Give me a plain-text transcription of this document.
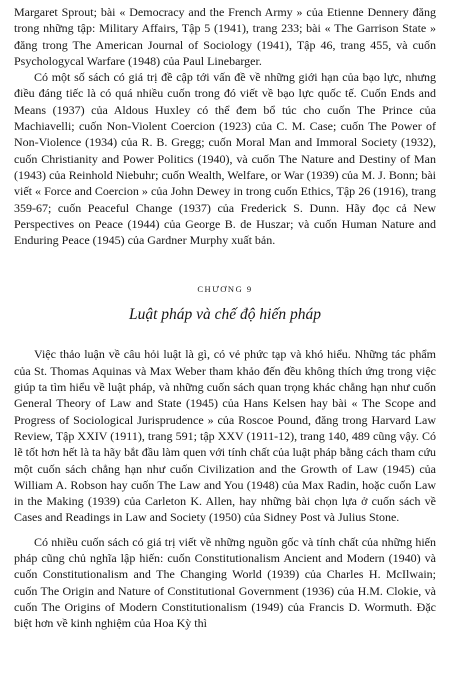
Margaret Sprout; bài « Democracy and the French Army » của Etienne Dennery đăng trong những tập: Military Affairs, Tập 5 (1941), trang 233; bài « The Garrison State » đăng trong The American Journal of Sociology (1941), Tập 46, trang 455, và cuốn Psychologycal Warfare (1948) của Paul Linebarger.

Có một số sách có giá trị đề cập tới vấn đề về những giới hạn của bạo lực, nhưng điều đáng tiếc là có quá nhiều cuốn trong đó viết về bạo lực quốc tế. Cuốn Ends and Means (1937) của Aldous Huxley có thể đem bổ túc cho cuốn The Prince của Machiavelli; cuốn Non-Violent Coercion (1923) của C. M. Case; cuốn The Power of Non-Violence (1934) của R. B. Gregg; cuốn Moral Man and Immoral Society (1932), cuốn Christianity and Power Politics (1940), và cuốn The Nature and Destiny of Man (1943) của Reinhold Niebuhr; cuốn Wealth, Welfare, or War (1939) của M. J. Bonn; bài viết « Force and Coercion » của John Dewey in trong cuốn Ethics, Tập 26 (1916), trang 359-67; cuốn Peaceful Change (1937) của Frederick S. Dunn. Hãy đọc cả New Perspectives on Peace (1944) của George B. de Huszar; và cuốn Human Nature and Enduring Peace (1945) của Gardner Murphy xuất bản.

CHƯƠNG 9
Luật pháp và chế độ hiến pháp

Việc thảo luận về câu hỏi luật là gì, có vẻ phức tạp và khó hiểu. Những tác phẩm của St. Thomas Aquinas và Max Weber tham khảo đến đều không thích ứng trong việc giúp ta tìm hiểu về luật pháp, và những cuốn sách quan trọng khác chẳng hạn như cuốn General Theory of Law and State (1945) của Hans Kelsen hay bài « The Scope and Progress of Sociological Jurisprudence » của Roscoe Pound, đăng trong Harvard Law Review, Tập XXIV (1911), trang 591; tập XXV (1911-12), trang 140, 489 cũng vậy. Có lẽ tốt hơn hết là ta hãy bắt đầu làm quen với tính chất của luật pháp bằng cách tham cứu một cuốn sách chẳng hạn như cuốn Civilization and the Growth of Law (1945) của William A. Robson hay cuốn The Law and You (1948) của Max Radin, hoặc cuốn Law in the Making (1939) của Carleton K. Allen, hay những bài chọn lựa ở cuốn sách về Cases and Readings in Law and Society (1950) của Sidney Post và Julius Stone.

Có nhiều cuốn sách có giá trị viết về những nguồn gốc và tính chất của những hiến pháp cũng chủ nghĩa lập hiến: cuốn Constitutionalism Ancient and Modern (1940) và cuốn Constitutionalism and The Changing World (1939) của Charles H. McIlwain; cuốn The Origin and Nature of Constitutional Government (1936) của H.M. Clokie, và cuốn The Origins of Modern Constitutionalism (1949) của Francis D. Wormuth. Đặc biệt hơn về kinh nghiệm của Hoa Kỳ thì
